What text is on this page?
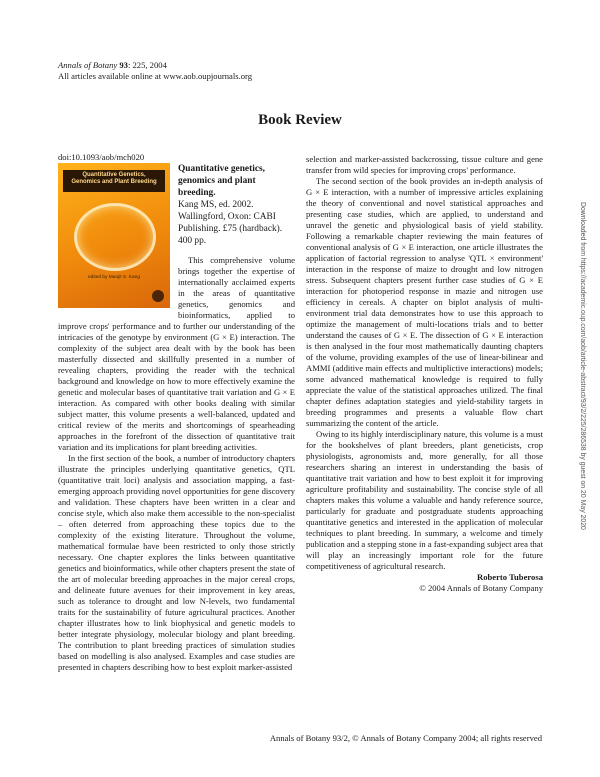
Annals of Botany 93: 225, 2004
All articles available online at www.aob.oupjournals.org
Book Review

doi:10.1093/aob/mch020

Quantitative Genetics,
Genomics and Plant Breeding
edited by Manjit S. Kang

Quantitative genetics, genomics and plant breeding.
Kang MS, ed. 2002. Wallingford, Oxon: CABI Publishing. £75 (hardback). 400 pp.

This comprehensive volume brings together the expertise of internationally acclaimed experts in the areas of quantitative genetics, genomics and bioinformatics, applied to improve crops' performance and to further our understanding of the intricacies of the genotype by environment (G × E) interaction. The complexity of the subject area dealt with by the book has been masterfully dissected and skillfully presented in a number of revealing chapters, providing the reader with the technical background and knowledge on how to more effectively examine the genetic and molecular bases of quantitative trait variation and G × E interaction. As compared with other books dealing with similar subject matter, this volume presents a well-balanced, updated and critical review of the merits and shortcomings of spearheading approaches in the forefront of the dissection of quantitative trait variation and its implications for plant breeding activities.

In the first section of the book, a number of introductory chapters illustrate the principles underlying quantitative genetics, QTL (quantitative trait loci) analysis and association mapping, a fast-emerging approach providing novel opportunities for gene discovery and validation. These chapters have been written in a clear and concise style, which also make them accessible to the non-specialist – often deterred from approaching these topics due to the complexity of the existing literature. Throughout the volume, mathematical formulae have been restricted to only those strictly necessary. One chapter explores the links between quantitative genetics and bioinformatics, while other chapters present the state of the art of molecular breeding approaches in the major cereal crops, and delineate future avenues for their improvement in key areas, such as tolerance to drought and low N-levels, two fundamental traits for the sustainability of future agricultural practices. Another chapter illustrates how to link biophysical and genetic models to better integrate physiology, molecular biology and plant breeding. The contribution to plant breeding practices of simulation studies based on modelling is also analysed. Examples and case studies are presented in chapters describing how to best exploit marker-assisted

selection and marker-assisted backcrossing, tissue culture and gene transfer from wild species for improving crops' performance.

The second section of the book provides an in-depth analysis of G × E interaction, with a number of impressive articles explaining the theory of conventional and novel statistical approaches and presenting case studies, which are applied, to understand and unravel the genetic and physiological basis of yield stability. Following a remarkable chapter reviewing the main features of conventional analysis of G × E interaction, one article illustrates the application of factorial regression to analyse 'QTL × environment' interaction in the response of maize to drought and low nitrogen stress. Subsequent chapters present further case studies of G × E interaction for photoperiod response in mazie and nitrogen use efficiency in cereals. A chapter on biplot analysis of multi-environment trial data demonstrates how to use this approach to optimize the management of multi-locations trials and to better understand the causes of G × E. The dissection of G × E interaction is then analysed in the four most mathematically daunting chapters of the volume, providing examples of the use of linear-bilinear and AMMI (additive main effects and multiplictive interactions) models; some advanced mathematical knowledge is required to fully appreciate the value of the statistical approaches utilized. The final chapter defines adaptation stategies and yield-stability targets in breeding programmes and presents a valuable flow chart summarizing the content of the article.

Owing to its highly interdisciplinary nature, this volume is a must for the bookshelves of plant breeders, plant geneticists, crop physiologists, agronomists and, more generally, for all those researchers sharing an interest in understanding the basis of quantitative trait variation and how to best exploit it for improving agriculture profitability and sustainability. The concise style of all chapters makes this volume a valuable and handy reference source, particularly for graduate and postgraduate students approaching quantitative genetics and interested in the application of molecular techniques to plant breeding. In summary, a welcome and timely publication and a stepping stone in a fast-expanding subject area that will play an increasingly important role for the future competitiveness of agricultural research.

Roberto Tuberosa
© 2004 Annals of Botany Company

Annals of Botany 93/2, © Annals of Botany Company 2004; all rights reserved
Downloaded from https://academic.oup.com/aob/article-abstract/93/2/225/286538 by guest on 20 May 2020
